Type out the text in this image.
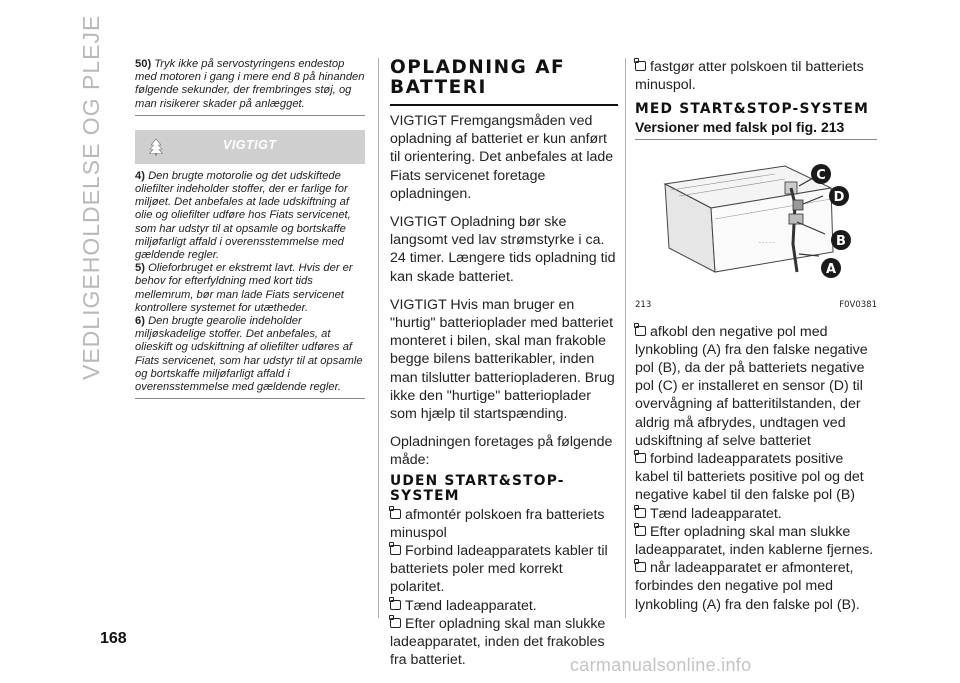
VEDLIGEHOLDELSE OG PLEJE	50) Tryk ikke på servostyringens endestop med motoren i gang i mere end 8 på hinanden følgende sekunder, der frembringes støj, og man risikerer skader på anlægget.
VIGTIGT

4) Den brugte motorolie og det udskiftede oliefilter indeholder stoffer, der er farlige for miljøet. Det anbefales at lade udskiftning af olie og oliefilter udføre hos Fiats servicenet, som har udstyr til at opsamle og bortskaffe miljøfarligt affald i overensstemmelse med gældende regler.

5) Olieforbruget er ekstremt lavt. Hvis der er behov for efterfyldning med kort tids mellemrum, bør man lade Fiats servicenet kontrollere systemet for utætheder.

6) Den brugte gearolie indeholder miljøskadelige stoffer. Det anbefales, at olieskift og udskiftning af oliefilter udføres af Fiats servicenet, som har udstyr til at opsamle og bortskaffe miljøfarligt affald i overensstemmelse med gældende regler.

OPLADNING AF BATTERI

VIGTIGT Fremgangsmåden ved opladning af batteriet er kun anført til orientering. Det anbefales at lade Fiats servicenet foretage opladningen.

VIGTIGT Opladning bør ske langsomt ved lav strømstyrke i ca. 24 timer. Længere tids opladning tid kan skade batteriet.

VIGTIGT Hvis man bruger en "hurtig" batterioplader med batteriet monteret i bilen, skal man frakoble begge bilens batterikabler, inden man tilslutter batteriopladeren. Brug ikke den "hurtige" batterioplader som hjælp til startspænding.

Opladningen foretages på følgende måde:

UDEN START&STOP-SYSTEM

afmontér polskoen fra batteriets minuspol

Forbind ladeapparatets kabler til batteriets poler med korrekt polaritet.

Tænd ladeapparatet.

Efter opladning skal man slukke ladeapparatet, inden det frakobles fra batteriet.

fastgør atter polskoen til batteriets minuspol.

MED START&STOP-SYSTEM
Versioner med falsk pol fig. 213
- - - - -
C
D
B
A
213	F0V0381

afkobl den negative pol med lynkobling (A) fra den falske negative pol (B), da der på batteriets negative pol (C) er installeret en sensor (D) til overvågning af batteritilstanden, der aldrig må afbrydes, undtagen ved udskiftning af selve batteriet

forbind ladeapparatets positive kabel til batteriets positive pol og det negative kabel til den falske pol (B)

Tænd ladeapparatet.

Efter opladning skal man slukke ladeapparatet, inden kablerne fjernes.

når ladeapparatet er afmonteret, forbindes den negative pol med lynkobling (A) fra den falske pol (B).

168
carmanualsonline.info
